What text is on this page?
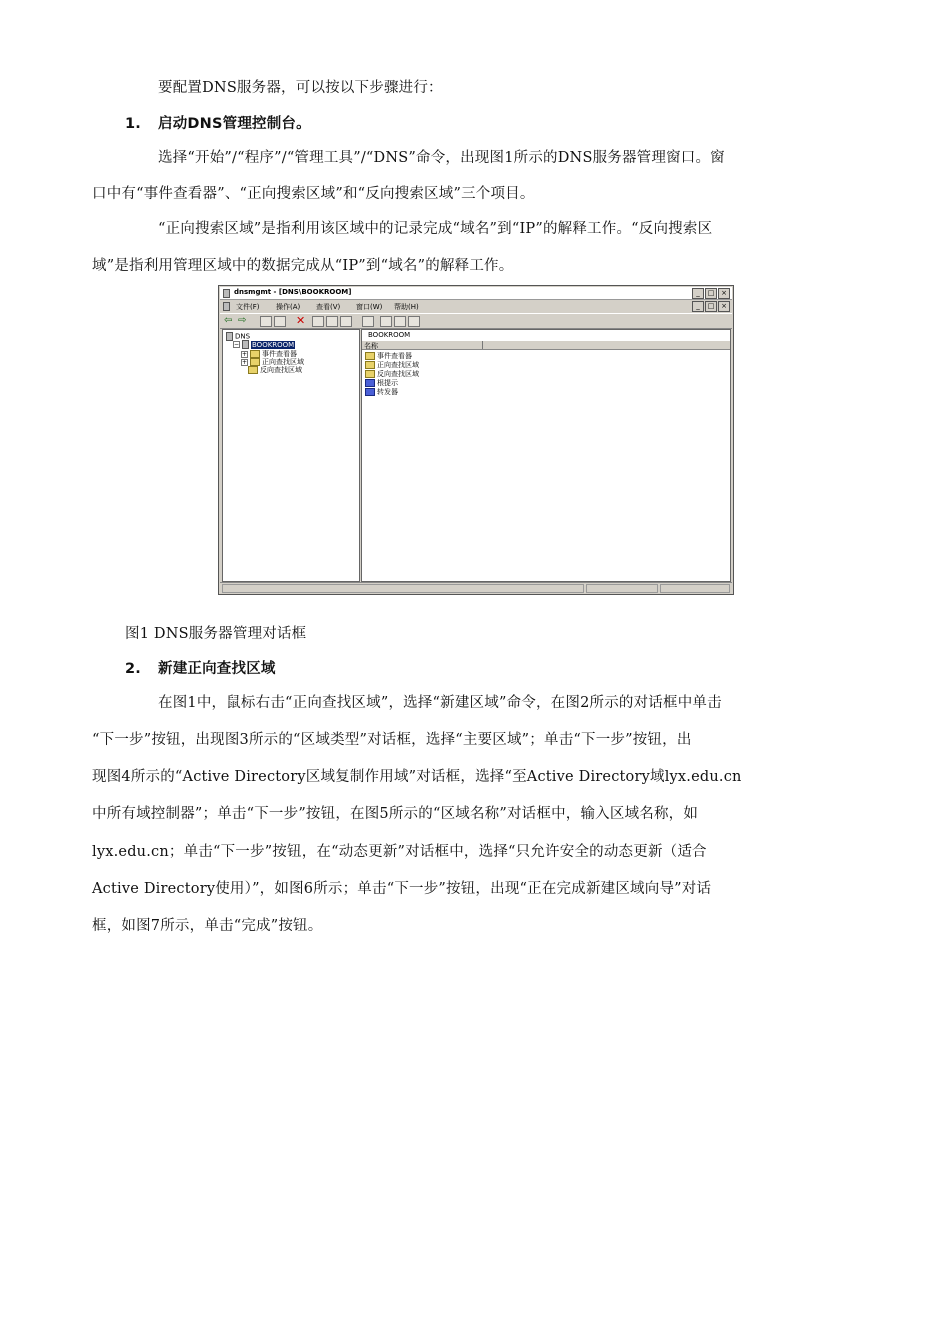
要配置DNS服务器，可以按以下步骤进行：
1. 启动DNS管理控制台。
选择“开始”/“程序”/“管理工具”/“DNS”命令，出现图1所示的DNS服务器管理窗口。窗
口中有“事件查看器”、“正向搜索区域”和“反向搜索区域”三个项目。
“正向搜索区域”是指利用该区域中的记录完成“域名”到“IP”的解释工作。“反向搜索区
域”是指利用管理区域中的数据完成从“IP”到“域名”的解释工作。
dnsmgmt - [DNS\BOOKROOM]	_	□ ×
文件(F) 操作(A) 查看(V) 窗口(W) 帮助(H)	_	□ ×
⇦ ⇨	✕
DNS
− BOOKROOM
+ 事件查看器
+ 正向查找区域
反向查找区域
BOOKROOM
名称
事件查看器
正向查找区域
反向查找区域
根提示
转发器
图1 DNS服务器管理对话框
2. 新建正向查找区域
在图1中，鼠标右击“正向查找区域”，选择“新建区域”命令，在图2所示的对话框中单击
“下一步”按钮，出现图3所示的“区域类型”对话框，选择“主要区域”；单击“下一步”按钮，出
现图4所示的“Active Directory区域复制作用域”对话框，选择“至Active Directory域lyx.edu.cn
中所有域控制器”；单击“下一步”按钮，在图5所示的“区域名称”对话框中，输入区域名称，如
lyx.edu.cn；单击“下一步”按钮，在“动态更新”对话框中，选择“只允许安全的动态更新（适合
Active Directory使用）”，如图6所示；单击“下一步”按钮，出现“正在完成新建区域向导”对话
框，如图7所示，单击“完成”按钮。
